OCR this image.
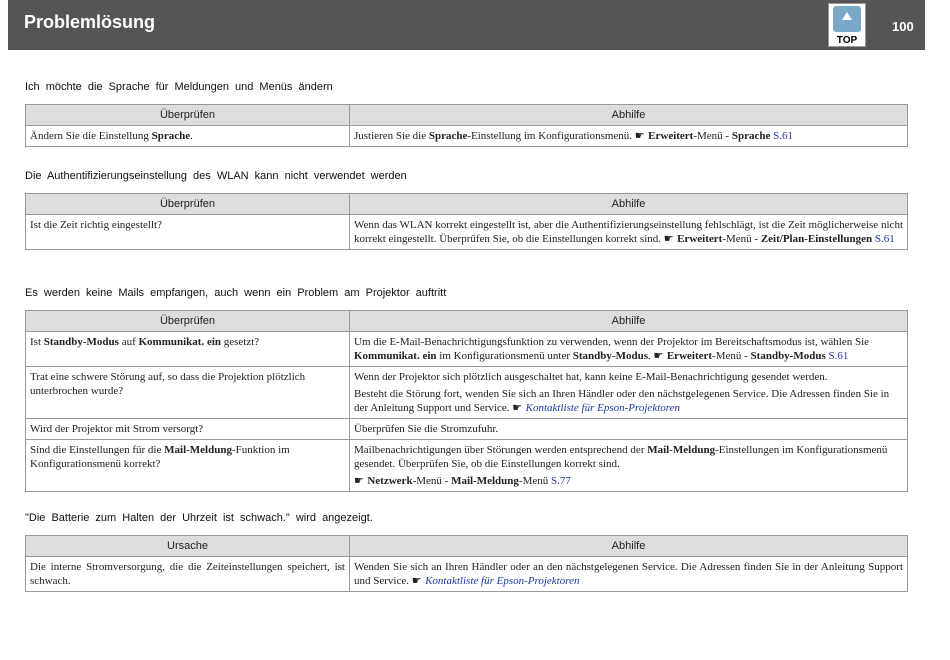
Problemlösung
TOP
100
Ich möchte die Sprache für Meldungen und Menüs ändern
Überprüfen	Abhilfe
Ändern Sie die Einstellung Sprache.	Justieren Sie die Sprache-Einstellung im Konfigurationsmenü. ☛ Erweitert-Menü - Sprache S.61
Die Authentifizierungseinstellung des WLAN kann nicht verwendet werden
Überprüfen	Abhilfe
Ist die Zeit richtig eingestellt?	Wenn das WLAN korrekt eingestellt ist, aber die Authentifizierungseinstellung fehlschlägt, ist die Zeit möglicherweise nicht korrekt eingestellt. Überprüfen Sie, ob die Einstellungen korrekt sind. ☛ Erweitert-Menü - Zeit/Plan-Einstellungen S.61
Es werden keine Mails empfangen, auch wenn ein Problem am Projektor auftritt
Überprüfen	Abhilfe
Ist Standby-Modus auf Kommunikat. ein gesetzt?	Um die E-Mail-Benachrichtigungsfunktion zu verwenden, wenn der Projektor im Bereitschaftsmodus ist, wählen Sie Kommunikat. ein im Konfigurationsmenü unter Standby-Modus. ☛ Erweitert-Menü - Standby-Modus S.61
Trat eine schwere Störung auf, so dass die Projektion plötzlich unterbrochen wurde?	Wenn der Projektor sich plötzlich ausgeschaltet hat, kann keine E-Mail-Benachrichtigung gesendet werden.

Besteht die Störung fort, wenden Sie sich an Ihren Händler oder den nächstgelegenen Service. Die Adressen finden Sie in der Anleitung Support und Service. ☛ Kontaktliste für Epson-Projektoren

Wird der Projektor mit Strom versorgt?	Überprüfen Sie die Stromzufuhr.
Sind die Einstellungen für die Mail-Meldung-Funktion im Konfigurationsmenü korrekt?	Mailbenachrichtigungen über Störungen werden entsprechend der Mail-Meldung-Einstellungen im Konfigurationsmenü gesendet. Überprüfen Sie, ob die Einstellungen korrekt sind.

☛ Netzwerk-Menü - Mail-Meldung-Menü S.77

"Die Batterie zum Halten der Uhrzeit ist schwach." wird angezeigt.
Ursache	Abhilfe
Die interne Stromversorgung, die die Zeiteinstellungen speichert, ist schwach.	Wenden Sie sich an Ihren Händler oder an den nächstgelegenen Service. Die Adressen finden Sie in der Anleitung Support und Service. ☛ Kontaktliste für Epson-Projektoren
